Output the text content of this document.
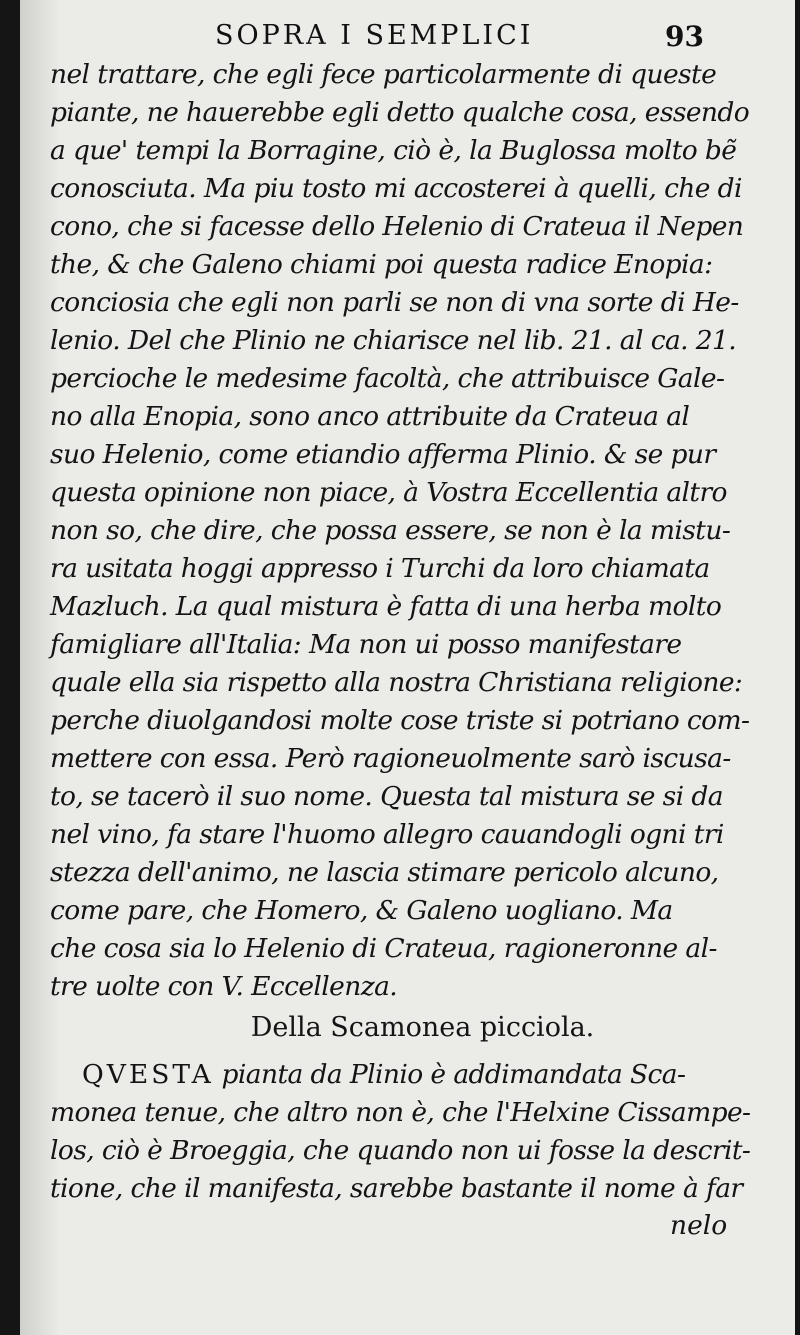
SOPRA I SEMPLICI	93
nel trattare, che egli fece particolarmente di queste
piante, ne hauerebbe egli detto qualche cosa, essendo
a que' tempi la Borragine, ciò è, la Buglossa molto bẽ
conosciuta. Ma piu tosto mi accosterei à quelli, che di
cono, che si facesse dello Helenio di Crateua il Nepen
the, & che Galeno chiami poi questa radice Enopia:
conciosia che egli non parli se non di vna sorte di He-
lenio. Del che Plinio ne chiarisce nel lib. 21. al ca. 21.
percioche le medesime facoltà, che attribuisce Gale-
no alla Enopia, sono anco attribuite da Crateua al
suo Helenio, come etiandio afferma Plinio. & se pur
questa opinione non piace, à Vostra Eccellentia altro
non so, che dire, che possa essere, se non è la mistu-
ra usitata hoggi appresso i Turchi da loro chiamata
Mazluch. La qual mistura è fatta di una herba molto
famigliare all'Italia: Ma non ui posso manifestare
quale ella sia rispetto alla nostra Christiana religione:
perche diuolgandosi molte cose triste si potriano com-
mettere con essa. Però ragioneuolmente sarò iscusa-
to, se tacerò il suo nome. Questa tal mistura se si da
nel vino, fa stare l'huomo allegro cauandogli ogni tri
stezza dell'animo, ne lascia stimare pericolo alcuno,
come pare, che Homero, & Galeno uogliano. Ma
che cosa sia lo Helenio di Crateua, ragioneronne al-
tre uolte con V. Eccellenza.
Della Scamonea picciola.
QVESTA pianta da Plinio è addimandata Sca-
monea tenue, che altro non è, che l'Helxine Cissampe-
los, ciò è Broeggia, che quando non ui fosse la descrit-
tione, che il manifesta, sarebbe bastante il nome à far
nelo
